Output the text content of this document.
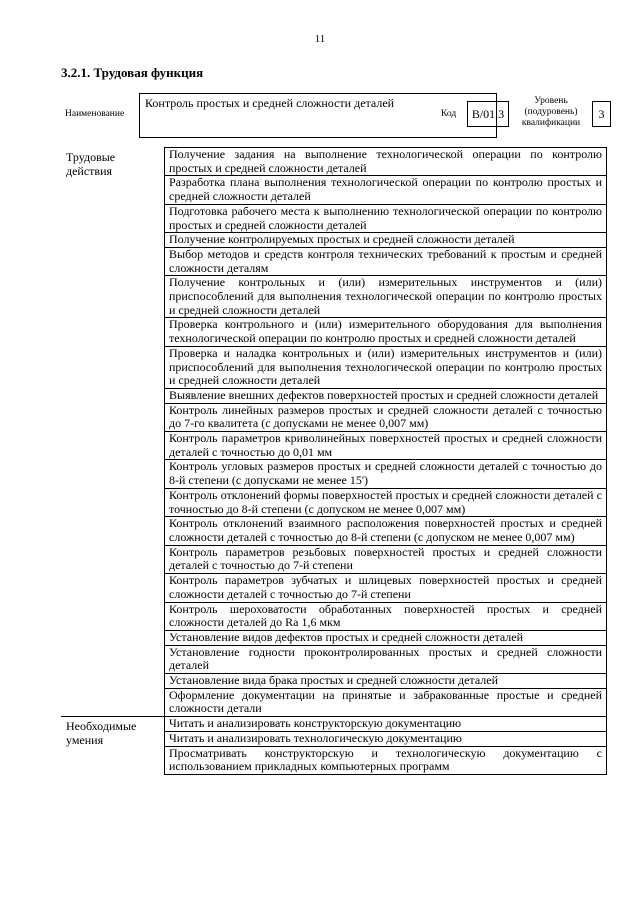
11
3.2.1. Трудовая функция
Наименование
Контроль простых и средней сложности деталей
Код	В/01.3
Уровень
(подуровень)
квалификации
3
Трудовые действия	Получение задания на выполнение технологической операции по контролю простых и средней сложности деталей
	Разработка плана выполнения технологической операции по контролю простых и средней сложности деталей
	Подготовка рабочего места к выполнению технологической операции по контролю простых и средней сложности деталей
	Получение контролируемых простых и средней сложности деталей
	Выбор методов и средств контроля технических требований к простым и средней сложности деталям
	Получение контрольных и (или) измерительных инструментов и (или) приспособлений для выполнения технологической операции по контролю простых и средней сложности деталей
	Проверка контрольного и (или) измерительного оборудования для выполнения технологической операции по контролю простых и средней сложности деталей
	Проверка и наладка контрольных и (или) измерительных инструментов и (или) приспособлений для выполнения технологической операции по контролю простых и средней сложности деталей
	Выявление внешних дефектов поверхностей простых и средней сложности деталей
	Контроль линейных размеров простых и средней сложности деталей с точностью до 7-го квалитета (с допусками не менее 0,007 мм)
	Контроль параметров криволинейных поверхностей простых и средней сложности деталей с точностью до 0,01 мм
	Контроль угловых размеров простых и средней сложности деталей с точностью до 8-й степени (с допусками не менее 15')
	Контроль отклонений формы поверхностей простых и средней сложности деталей с точностью до 8-й степени (с допуском не менее 0,007 мм)
	Контроль отклонений взаимного расположения поверхностей простых и средней сложности деталей с точностью до 8-й степени (с допуском не менее 0,007 мм)
	Контроль параметров резьбовых поверхностей простых и средней сложности деталей с точностью до 7-й степени
	Контроль параметров зубчатых и шлицевых поверхностей простых и средней сложности деталей с точностью до 7-й степени
	Контроль шероховатости обработанных поверхностей простых и средней сложности деталей до Ra 1,6 мкм
	Установление видов дефектов простых и средней сложности деталей
	Установление годности проконтролированных простых и средней сложности деталей
	Установление вида брака простых и средней сложности деталей
	Оформление документации на принятые и забракованные простые и средней сложности детали
Необходимые умения	Читать и анализировать конструкторскую документацию
	Читать и анализировать технологическую документацию
	Просматривать конструкторскую и технологическую документацию с использованием прикладных компьютерных программ
